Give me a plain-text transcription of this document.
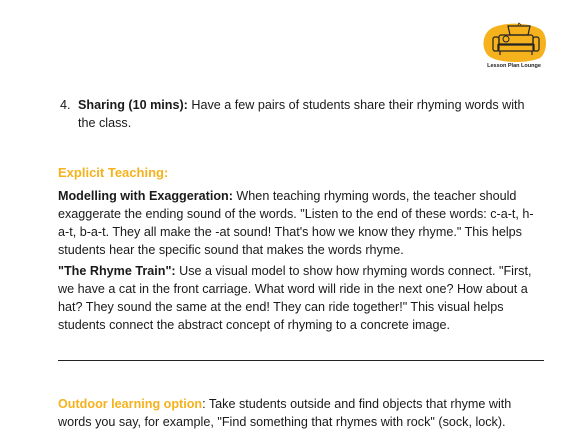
Lesson Plan Lounge
4. Sharing (10 mins): Have a few pairs of students share their rhyming words with the class.
Explicit Teaching:
Modelling with Exaggeration: When teaching rhyming words, the teacher should exaggerate the ending sound of the words. "Listen to the end of these words: c-a-t, h-a-t, b-a-t. They all make the -at sound! That's how we know they rhyme." This helps students hear the specific sound that makes the words rhyme.
"The Rhyme Train": Use a visual model to show how rhyming words connect. "First, we have a cat in the front carriage. What word will ride in the next one? How about a hat? They sound the same at the end! They can ride together!" This visual helps students connect the abstract concept of rhyming to a concrete image.
Outdoor learning option: Take students outside and find objects that rhyme with words you say, for example, "Find something that rhymes with rock" (sock, lock).
